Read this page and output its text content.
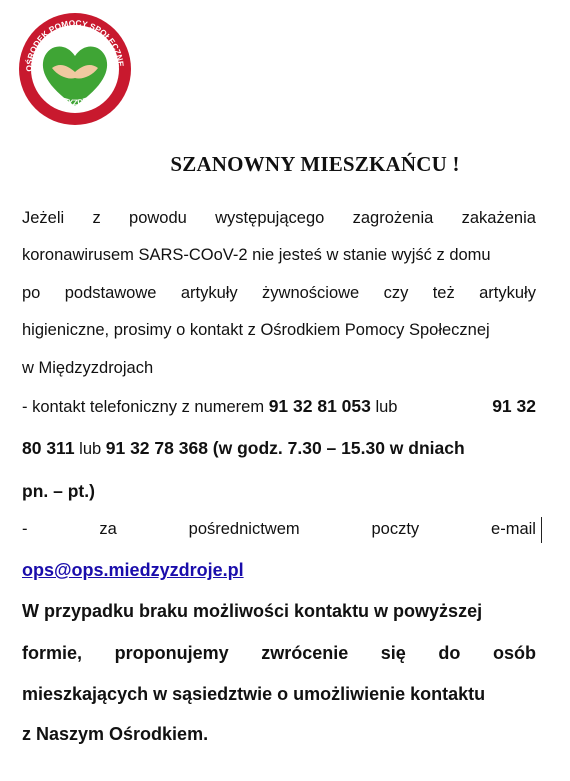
OŚRODEK POMOCY SPOŁECZNE
W MIĘDZYZDROJACH
SZANOWNY MIESZKAŃCU !
Jeżeli z powodu występującego zagrożenia zakażenia
koronawirusem SARS-COoV-2 nie jesteś w stanie wyjść z domu
po podstawowe artykuły żywnościowe czy też artykuły
higieniczne, prosimy o kontakt z Ośrodkiem Pomocy Społecznej
w Międzyzdrojach
- kontakt telefoniczny z numerem 91 32 81 053 lub	91 32
80 311 lub 91 32 78 368 (w godz. 7.30 – 15.30 w dniach
pn. – pt.)
-	za	pośrednictwem	poczty	e-mail
ops@ops.miedzyzdroje.pl
W przypadku braku możliwości kontaktu w powyższej
formie, proponujemy zwrócenie się do osób
mieszkających w sąsiedztwie o umożliwienie kontaktu
z Naszym Ośrodkiem.
